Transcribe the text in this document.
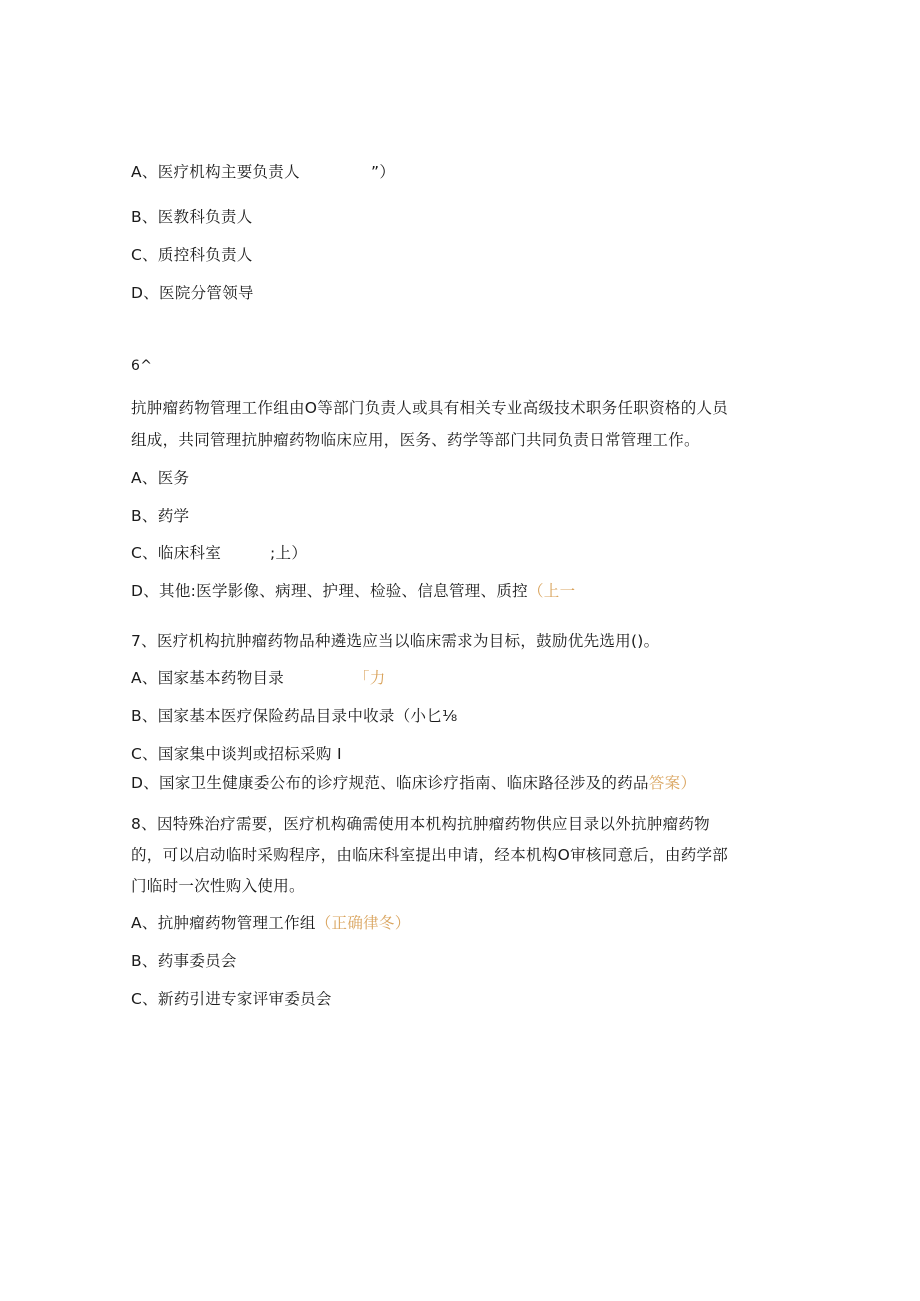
A、医疗机构主要负责人	”）
B、医教科负责人
C、质控科负责人
D、医院分管领导
6^
抗肿瘤药物管理工作组由O等部门负责人或具有相关专业高级技术职务任职资格的人员
组成，共同管理抗肿瘤药物临床应用，医务、药学等部门共同负责日常管理工作。
A、医务
B、药学
C、临床科室	;上）
D、其他:医学影像、病理、护理、检验、信息管理、质控（上一
7、医疗机构抗肿瘤药物品种遴选应当以临床需求为目标，鼓励优先选用()。
A、国家基本药物目录	「力
B、国家基本医疗保险药品目录中收录（小匕⅛
C、国家集中谈判或招标采购 I
D、国家卫生健康委公布的诊疗规范、临床诊疗指南、临床路径涉及的药品答案）
8、因特殊治疗需要，医疗机构确需使用本机构抗肿瘤药物供应目录以外抗肿瘤药物
的，可以启动临时采购程序，由临床科室提出申请，经本机构O审核同意后，由药学部
门临时一次性购入使用。
A、抗肿瘤药物管理工作组（正确律冬）
B、药事委员会
C、新药引进专家评审委员会
